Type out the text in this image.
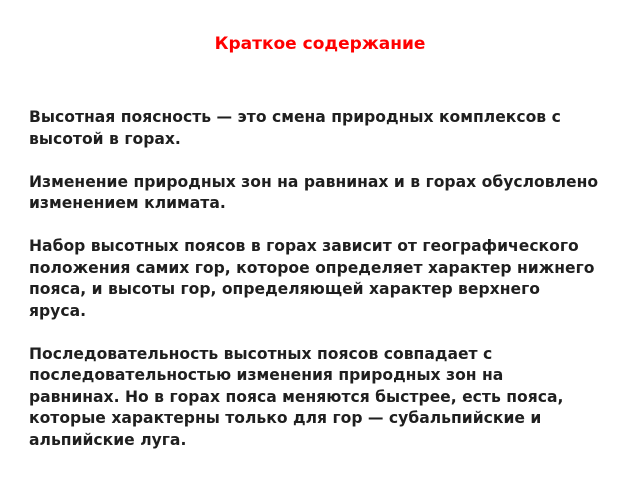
Краткое содержание

Высотная поясность — это смена природных комплексов с высотой в горах.

Изменение природных зон на равнинах и в горах обусловлено изменением климата.

Набор высотных поясов в горах зависит от географического положения самих гор, которое определяет характер нижнего пояса, и высоты гор, определяющей характер верхнего яруса.

Последовательность высотных поясов совпадает с последовательностью изменения природных зон на равнинах. Но в горах пояса меняются быстрее, есть пояса, которые характерны только для гор — субальпийские и альпийские луга.
